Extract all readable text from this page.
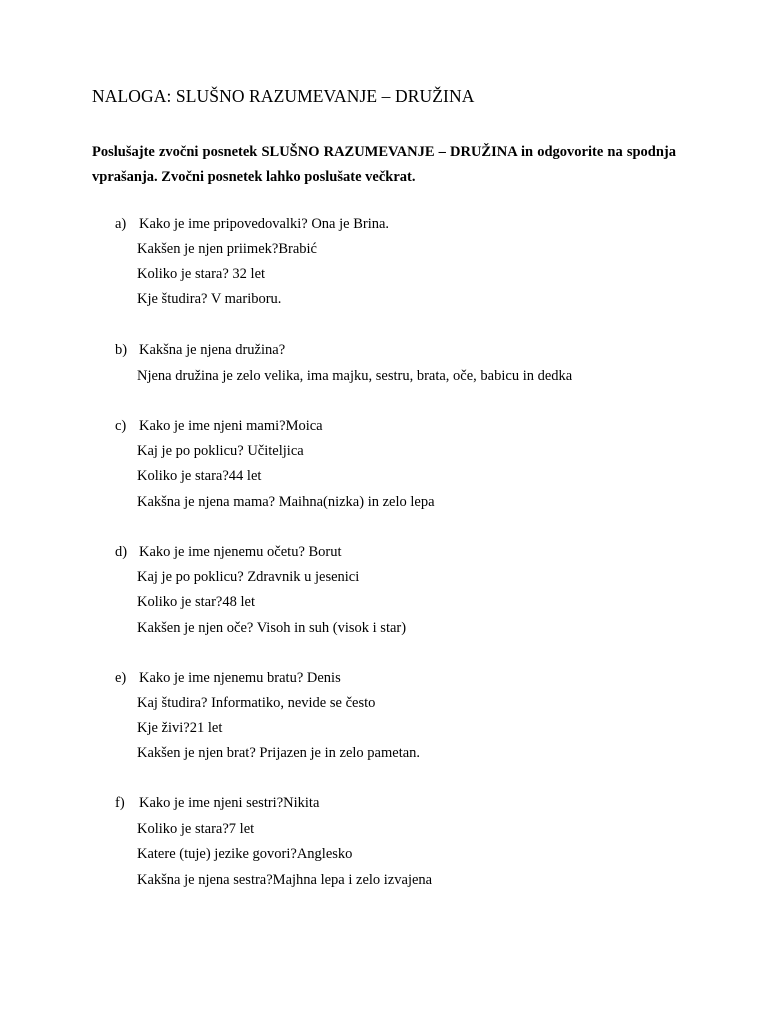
NALOGA: SLUŠNO RAZUMEVANJE – DRUŽINA

Poslušajte zvočni posnetek SLUŠNO RAZUMEVANJE – DRUŽINA in odgovorite na spodnja vprašanja. Zvočni posnetek lahko poslušate večkrat.

a) Kako je ime pripovedovalki? Ona je Brina.
Kakšen je njen priimek?Brabić
Koliko je stara? 32 let
Kje študira? V mariboru.
b) Kakšna je njena družina?
Njena družina je zelo velika, ima majku, sestru, brata, oče, babicu in dedka
c) Kako je ime njeni mami?Moica
Kaj je po poklicu? Učiteljica
Koliko je stara?44 let
Kakšna je njena mama? Maihna(nizka) in zelo lepa
d) Kako je ime njenemu očetu? Borut
Kaj je po poklicu? Zdravnik u jesenici
Koliko je star?48 let
Kakšen je njen oče? Visoh in suh (visok i star)
e) Kako je ime njenemu bratu? Denis
Kaj študira? Informatiko, nevide se često
Kje živi?21 let
Kakšen je njen brat? Prijazen je in zelo pametan.
f) Kako je ime njeni sestri?Nikita
Koliko je stara?7 let
Katere (tuje) jezike govori?Anglesko
Kakšna je njena sestra?Majhna lepa i zelo izvajena
